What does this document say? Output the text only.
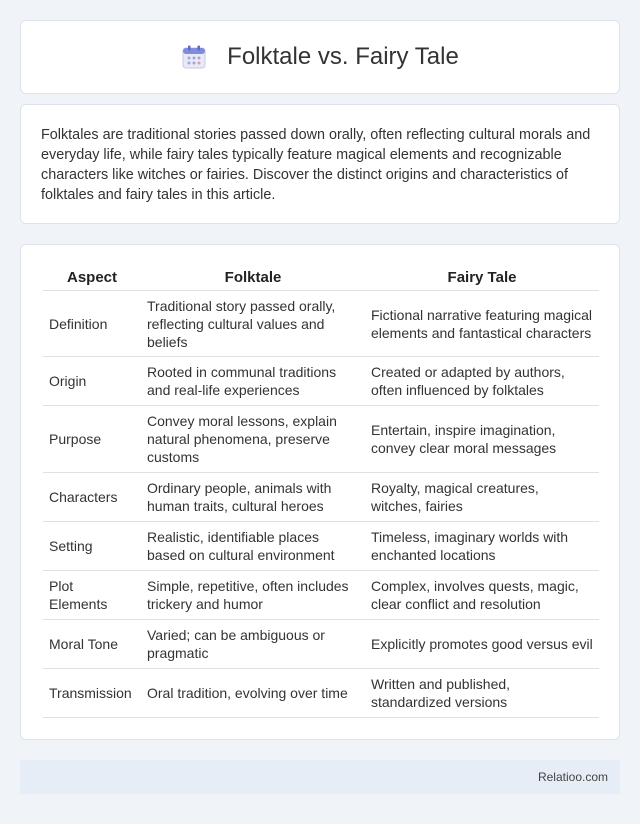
Folktale vs. Fairy Tale

Folktales are traditional stories passed down orally, often reflecting cultural morals and everyday life, while fairy tales typically feature magical elements and recognizable characters like witches or fairies. Discover the distinct origins and characteristics of folktales and fairy tales in this article.

Aspect	Folktale	Fairy Tale
Definition	Traditional story passed orally, reflecting cultural values and beliefs	Fictional narrative featuring magical elements and fantastical characters
Origin	Rooted in communal traditions and real-life experiences	Created or adapted by authors, often influenced by folktales
Purpose	Convey moral lessons, explain natural phenomena, preserve customs	Entertain, inspire imagination, convey clear moral messages
Characters	Ordinary people, animals with human traits, cultural heroes	Royalty, magical creatures, witches, fairies
Setting	Realistic, identifiable places based on cultural environment	Timeless, imaginary worlds with enchanted locations
Plot Elements	Simple, repetitive, often includes trickery and humor	Complex, involves quests, magic, clear conflict and resolution
Moral Tone	Varied; can be ambiguous or pragmatic	Explicitly promotes good versus evil
Transmission	Oral tradition, evolving over time	Written and published, standardized versions
Relatioo.com
